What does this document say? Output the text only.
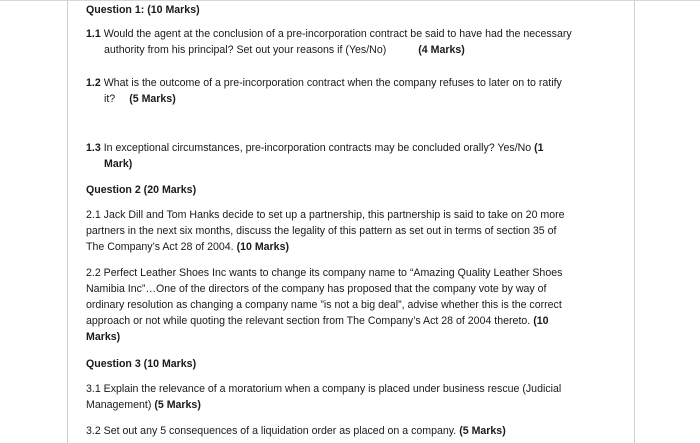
Question 1: (10 Marks)

1.1 Would the agent at the conclusion of a pre-incorporation contract be said to have had the necessary

authority from his principal? Set out your reasons if (Yes/No)	(4 Marks)

1.2 What is the outcome of a pre-incorporation contract when the company refuses to later on to ratify

it? (5 Marks)

1.3 In exceptional circumstances, pre-incorporation contracts may be concluded orally? Yes/No (1

Mark)

Question 2 (20 Marks)

2.1 Jack Dill and Tom Hanks decide to set up a partnership, this partnership is said to take on 20 more
partners in the next six months, discuss the legality of this pattern as set out in terms of section 35 of
The Company’s Act 28 of 2004. (10 Marks)

2.2 Perfect Leather Shoes Inc wants to change its company name to “Amazing Quality Leather Shoes
Namibia Inc”…One of the directors of the company has proposed that the company vote by way of
ordinary resolution as changing a company name ”is not a big deal”, advise whether this is the correct
approach or not while quoting the relevant section from The Company’s Act 28 of 2004 thereto. (10
Marks)

Question 3 (10 Marks)

3.1 Explain the relevance of a moratorium when a company is placed under business rescue (Judicial
Management) (5 Marks)

3.2 Set out any 5 consequences of a liquidation order as placed on a company. (5 Marks)
